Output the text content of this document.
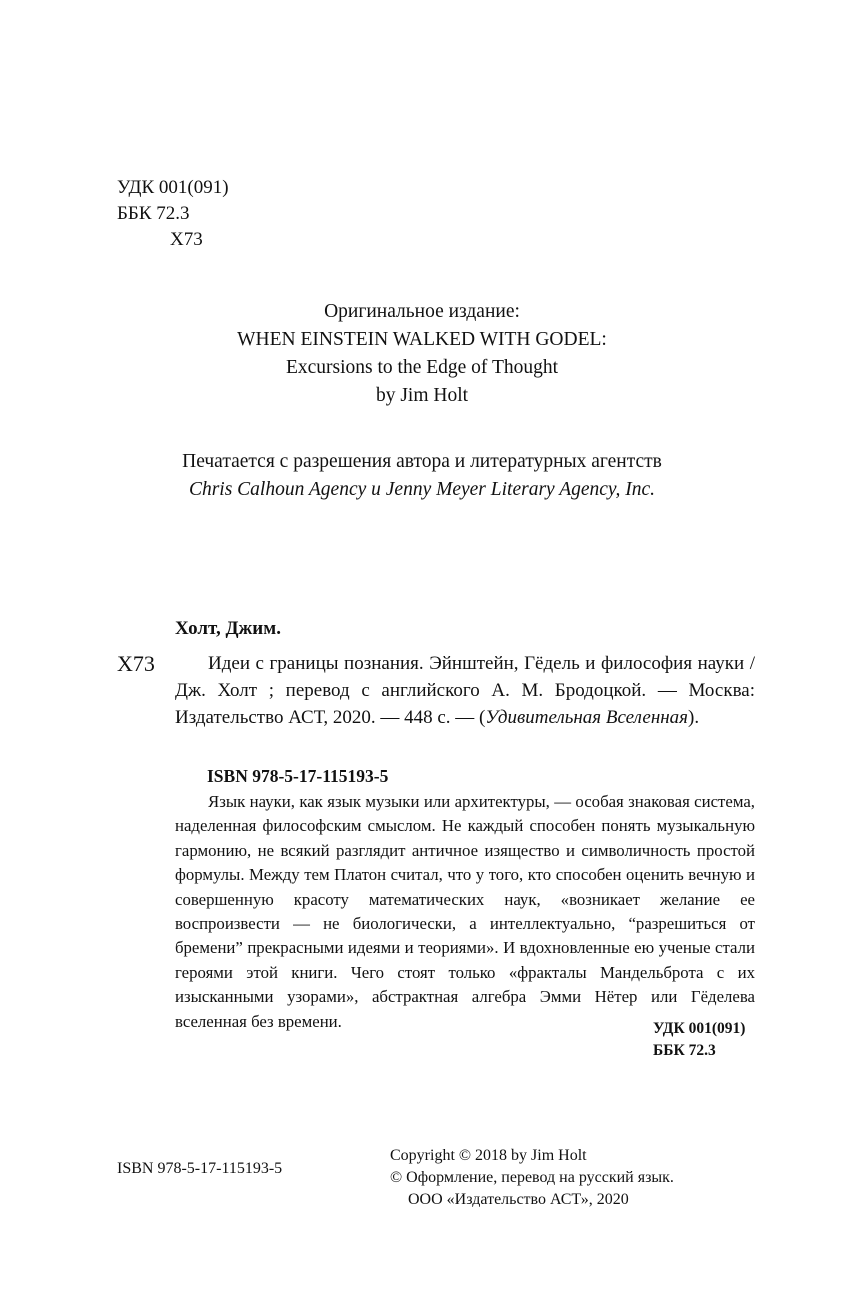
УДК 001(091)
ББК 72.3
Х73
Оригинальное издание:
WHEN EINSTEIN WALKED WITH GODEL:
Excursions to the Edge of Thought
by Jim Holt
Печатается с разрешения автора и литературных агентств
Chris Calhoun Agency и Jenny Meyer Literary Agency, Inc.
Холт, Джим.
Х73	Идеи с границы познания. Эйнштейн, Гёдель и философия науки / Дж. Холт ; перевод с английского А. М. Бродоцкой. — Москва: Издательство АСТ, 2020. — 448 с. — (Удивительная Вселенная).
ISBN 978-5-17-115193-5
Язык науки, как язык музыки или архитектуры, — особая знаковая система, наделенная философским смыслом. Не каждый способен понять музыкальную гармонию, не всякий разглядит античное изящество и символичность простой формулы. Между тем Платон считал, что у того, кто способен оценить вечную и совершенную красоту математических наук, «возникает желание ее воспроизвести — не биологически, а интеллектуально, “разрешиться от бремени” прекрасными идеями и теориями». И вдохновленные ею ученые стали героями этой книги. Чего стоят только «фракталы Мандельброта с их изысканными узорами», абстрактная алгебра Эмми Нётер или Гёделева вселенная без времени.	УДК 001(091)
ББК 72.3
ISBN 978-5-17-115193-5
Copyright © 2018 by Jim Holt
© Оформление, перевод на русский язык.
ООО «Издательство АСТ», 2020
